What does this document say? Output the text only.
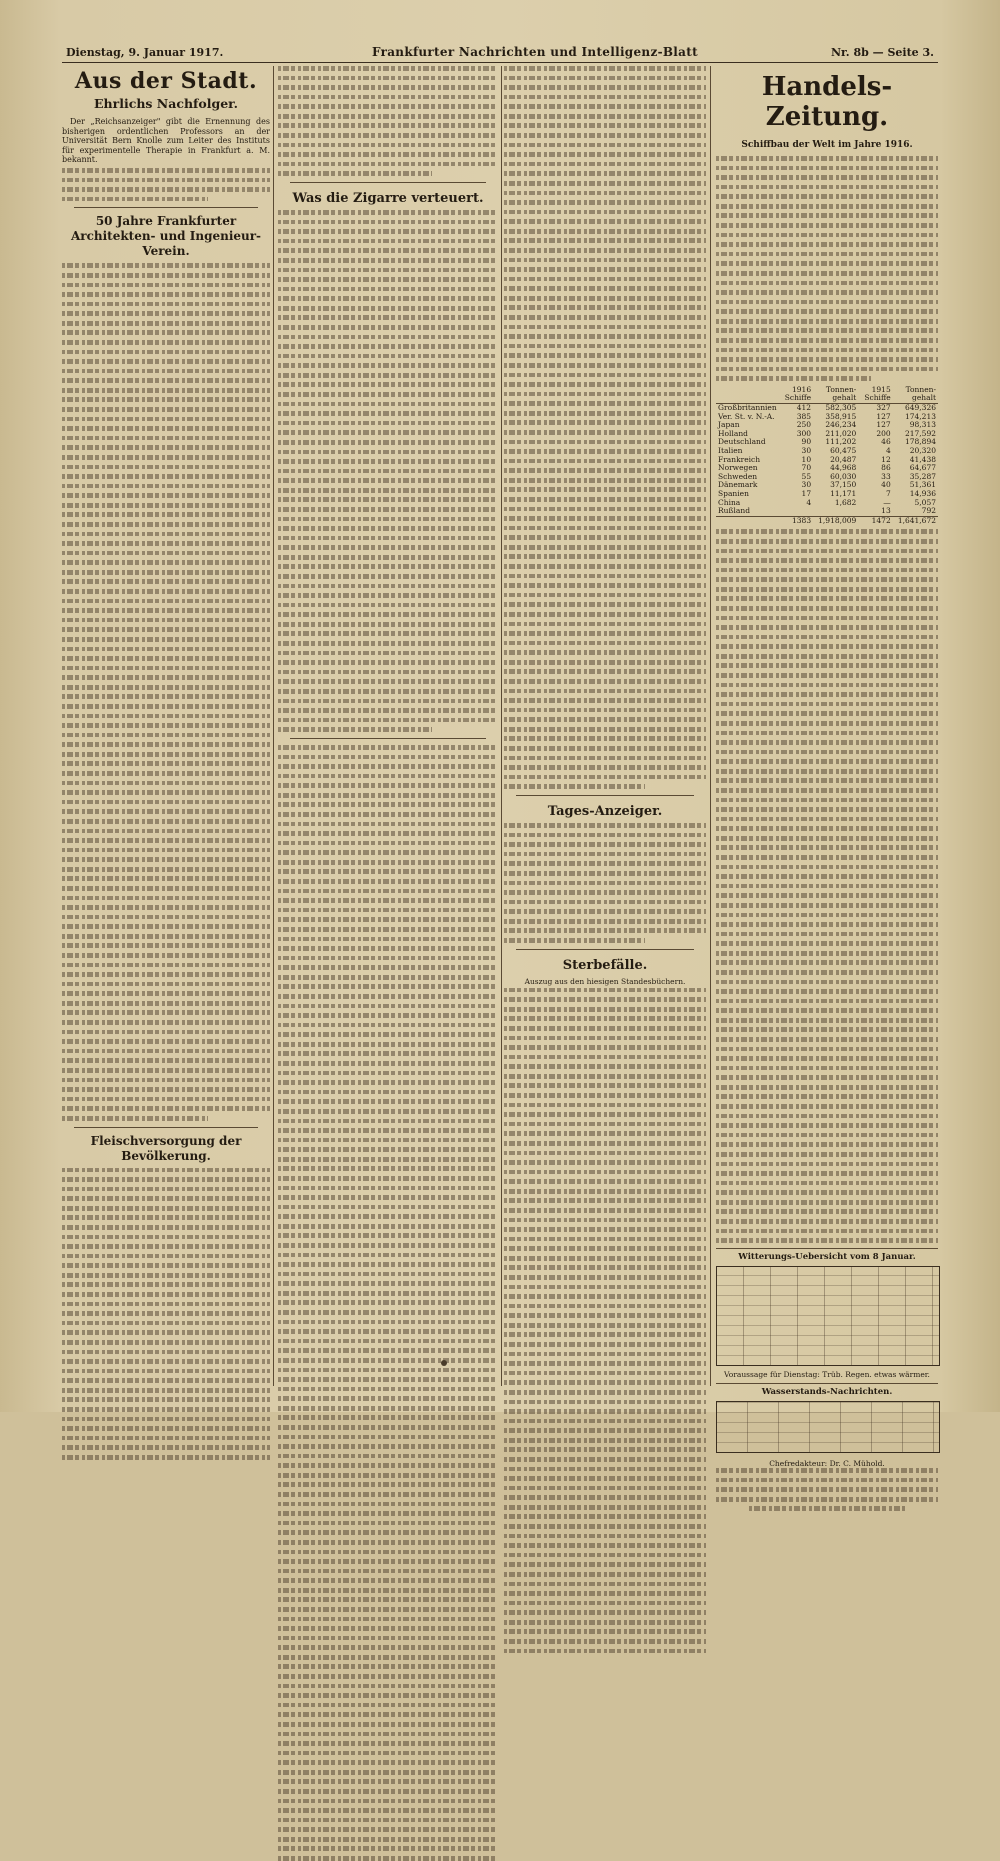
Dienstag, 9. Januar 1917.	Frankfurter Nachrichten und Intelligenz-Blatt	Nr. 8b — Seite 3.
Aus der Stadt.
Ehrlichs Nachfolger.

Der „Reichsanzeiger" gibt die Ernennung des bisherigen ordentlichen Professors an der Universität Bern Knolle zum Leiter des Instituts für experimentelle Therapie in Frankfurt a. M. bekannt.

50 Jahre Frankfurter Architekten- und Ingenieur-Verein.
Fleischversorgung der Bevölkerung.
Was die Zigarre verteuert.
Tages-Anzeiger.
Sterbefälle.
Auszug aus den hiesigen Standesbüchern.
Handels-Zeitung.
Schiffbau der Welt im Jahre 1916.
	1916 Schiffe	Tonnen-gehalt	1915 Schiffe	Tonnen-gehalt
Großbritannien	412	582,305	327	649,326
Ver. St. v. N.-A.	385	358,915	127	174,213
Japan	250	246,234	127	98,313
Holland	300	211,020	200	217,592
Deutschland	90	111,202	46	178,894
Italien	30	60,475	4	20,320
Frankreich	10	20,487	12	41,438
Norwegen	70	44,968	86	64,677
Schweden	55	60,030	33	35,287
Dänemark	30	37,150	40	51,361
Spanien	17	11,171	7	14,936
China	4	1,682	—	5,057
Rußland			13	792
	1383	1,918,009	1472	1,641,672
Witterungs-Uebersicht vom 8 Januar.
Voraussage für Dienstag: Trüb. Regen. etwas wärmer.
Wasserstands-Nachrichten.
Chefredakteur: Dr. C. Mühold.
